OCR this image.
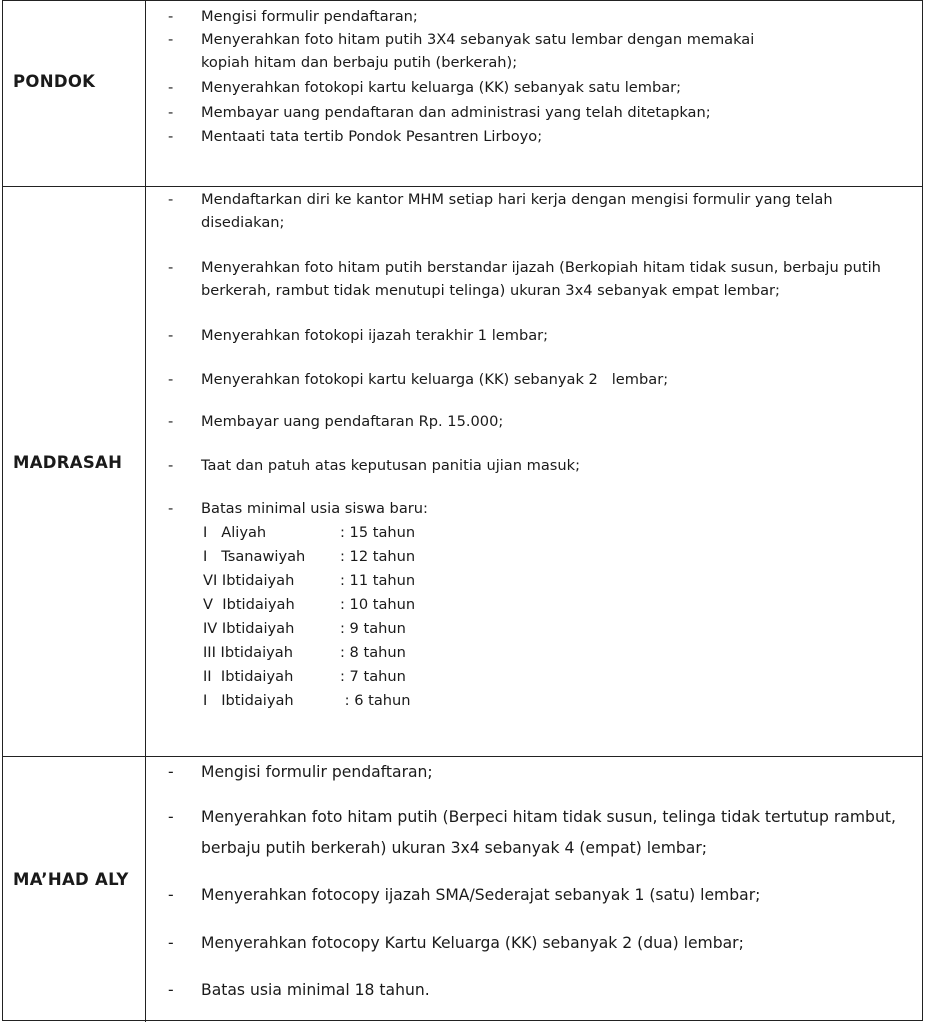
PONDOK
- Mengisi formulir pendaftaran;
- Menyerahkan foto hitam putih 3X4 sebanyak satu lembar dengan memakai kopiah hitam dan berbaju putih (berkerah);
- Menyerahkan fotokopi kartu keluarga (KK) sebanyak satu lembar;
- Membayar uang pendaftaran dan administrasi yang telah ditetapkan;
- Mentaati tata tertib Pondok Pesantren Lirboyo;
MADRASAH
- Mendaftarkan diri ke kantor MHM setiap hari kerja dengan mengisi formulir yang telah disediakan;
- Menyerahkan foto hitam putih berstandar ijazah (Berkopiah hitam tidak susun, berbaju putih berkerah, rambut tidak menutupi telinga) ukuran 3x4 sebanyak empat lembar;
- Menyerahkan fotokopi ijazah terakhir 1 lembar;
- Menyerahkan fotokopi kartu keluarga (KK) sebanyak 2   lembar;
- Membayar uang pendaftaran Rp. 15.000;
- Taat dan patuh atas keputusan panitia ujian masuk;
- Batas minimal usia siswa baru:
I   Aliyah	: 15 tahun
I   Tsanawiyah : 12 tahun
VI Ibtidaiyah	: 11 tahun
V  Ibtidaiyah	: 10 tahun
IV Ibtidaiyah	: 9 tahun
III Ibtidaiyah	: 8 tahun
II  Ibtidaiyah	: 7 tahun
I   Ibtidaiyah	: 6 tahun
MA’HAD ALY
- Mengisi formulir pendaftaran;
- Menyerahkan foto hitam putih (Berpeci hitam tidak susun, telinga tidak tertutup rambut, berbaju putih berkerah) ukuran 3x4 sebanyak 4 (empat) lembar;
- Menyerahkan fotocopy ijazah SMA/Sederajat sebanyak 1 (satu) lembar;
- Menyerahkan fotocopy Kartu Keluarga (KK) sebanyak 2 (dua) lembar;
- Batas usia minimal 18 tahun.
